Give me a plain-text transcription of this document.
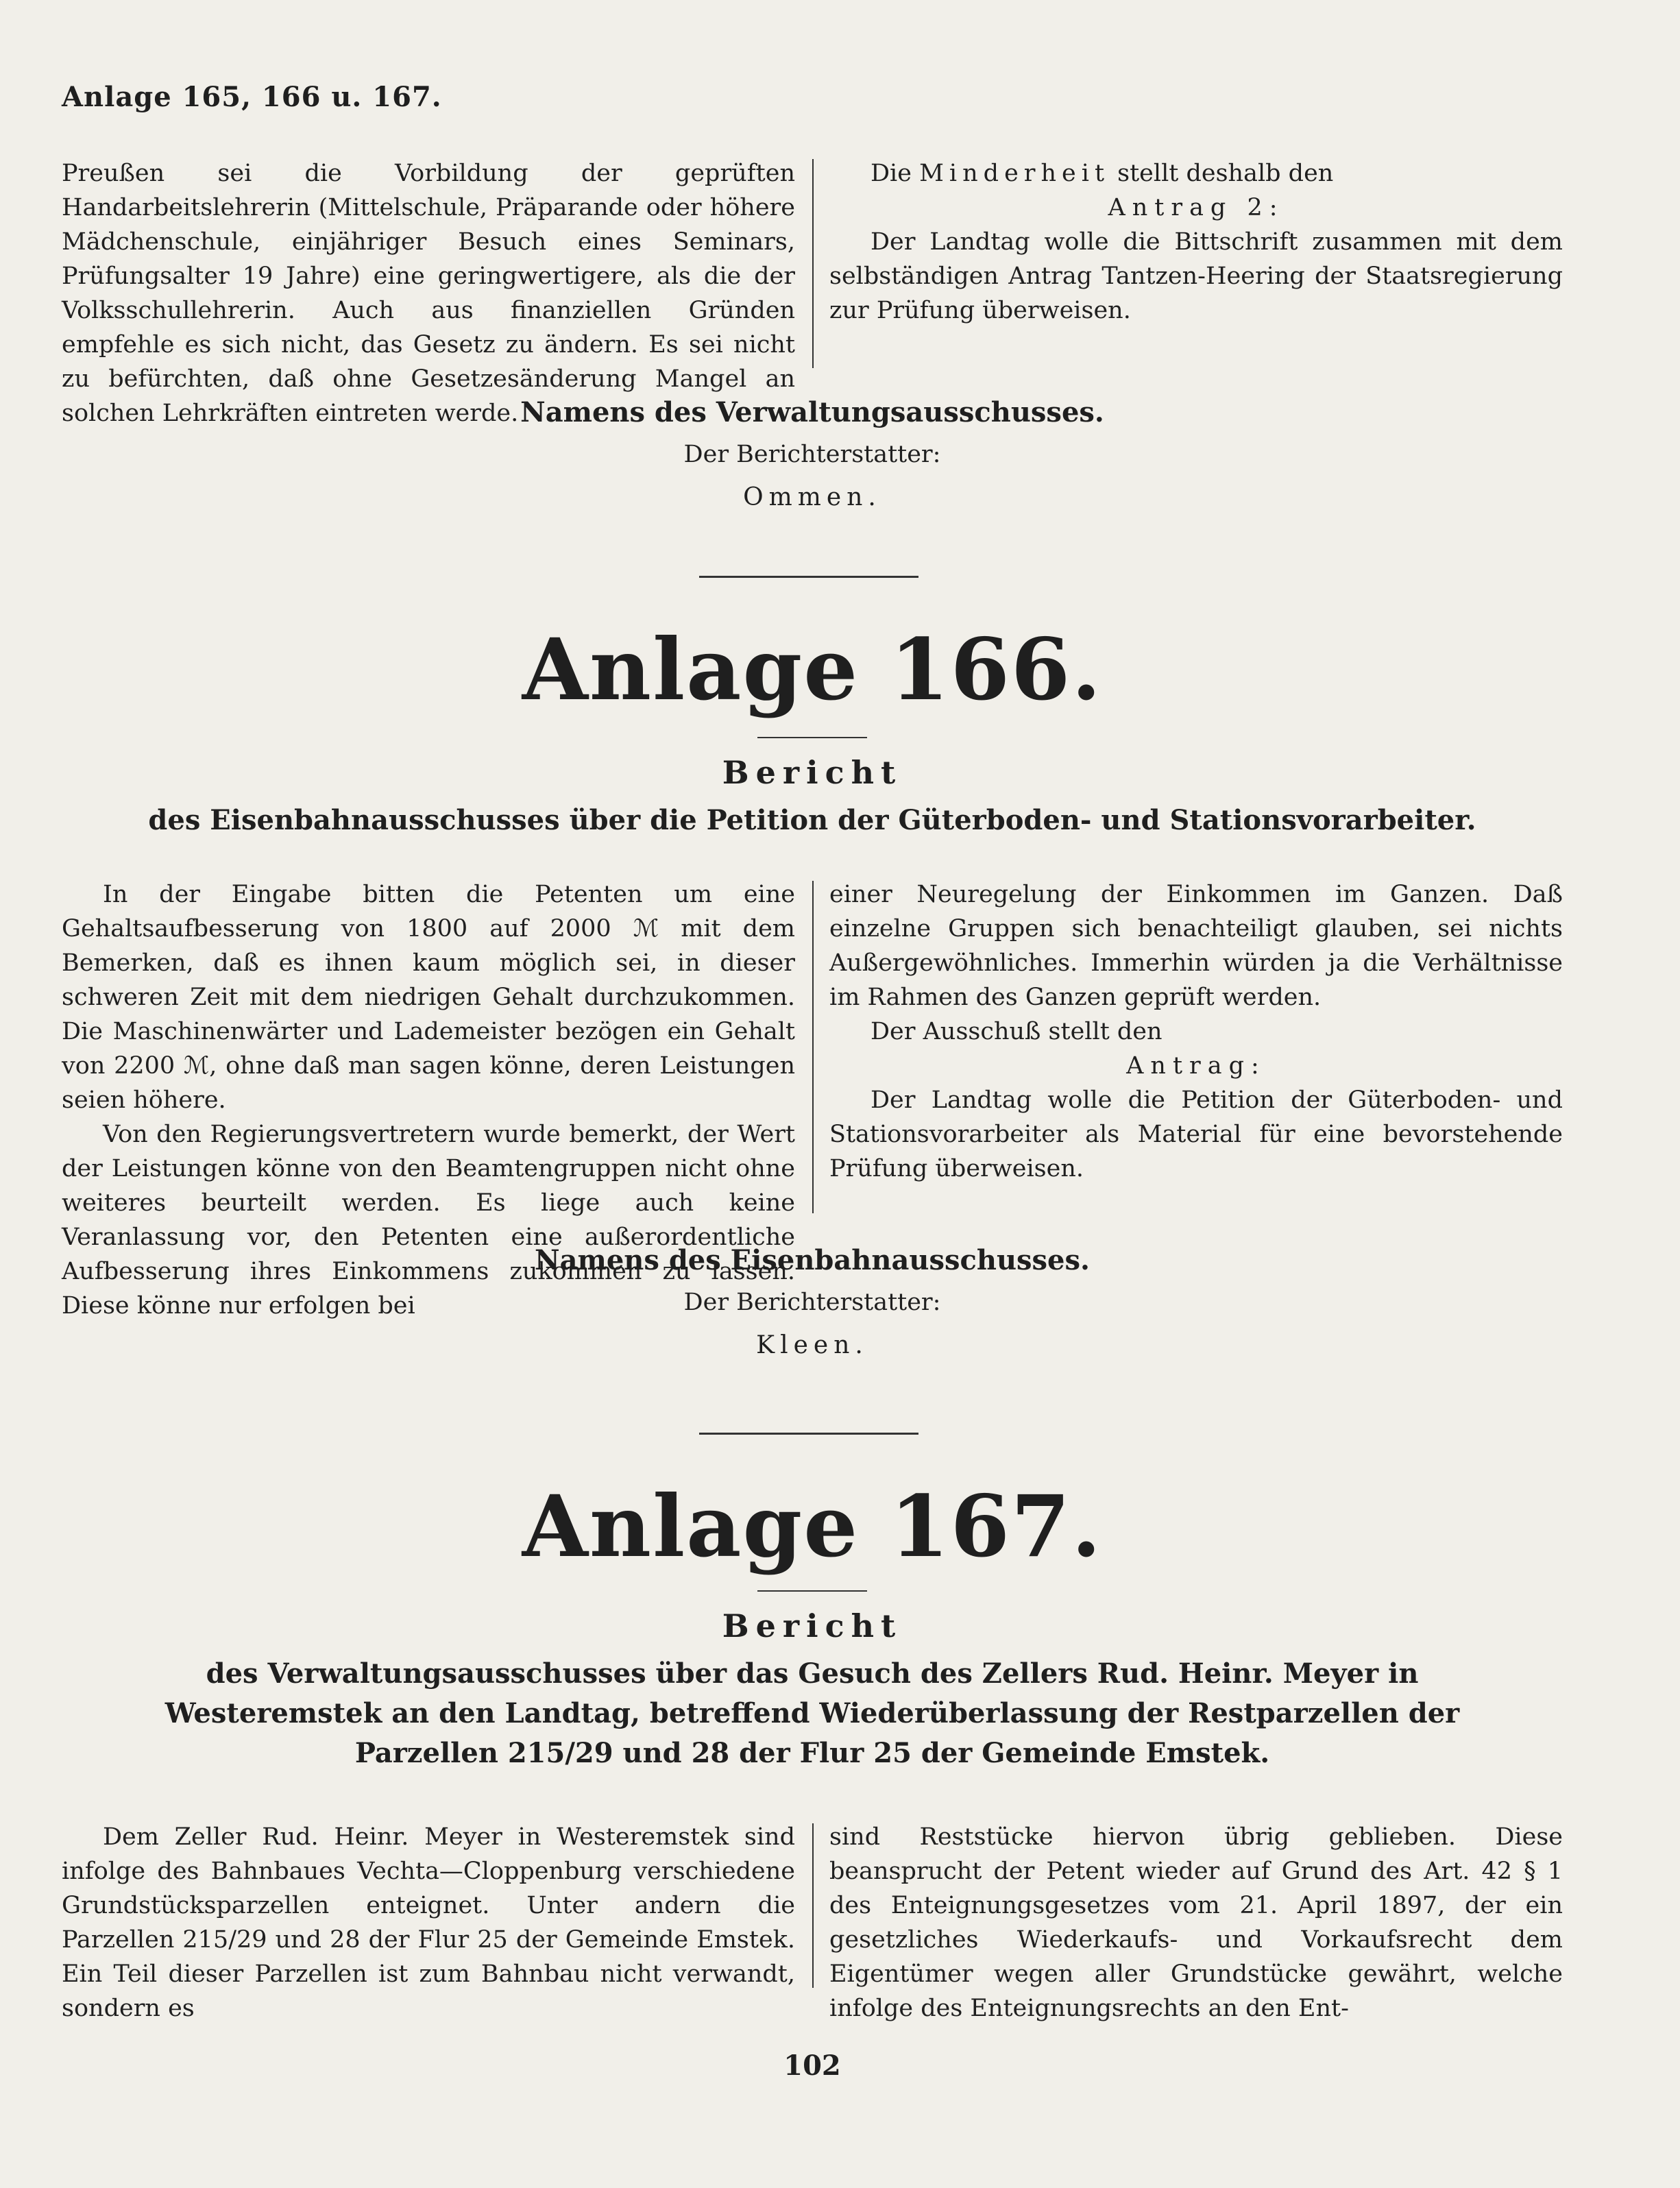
Anlage 165, 166 u. 167.

Preußen sei die Vorbildung der geprüften Handarbeitslehrerin (Mittelschule, Präparande oder höhere Mädchenschule, einjähriger Besuch eines Seminars, Prüfungsalter 19 Jahre) eine geringwertigere, als die der Volksschullehrerin. Auch aus finanziellen Gründen empfehle es sich nicht, das Gesetz zu ändern. Es sei nicht zu befürchten, daß ohne Gesetzesänderung Mangel an solchen Lehrkräften eintreten werde.

Die Minderheit stellt deshalb den

Antrag 2:

Der Landtag wolle die Bittschrift zusammen mit dem selbständigen Antrag Tantzen-Heering der Staatsregierung zur Prüfung überweisen.

Namens des Verwaltungsausschusses.
Der Berichterstatter:
Ommen.
Anlage 166.
Bericht
des Eisenbahnausschusses über die Petition der Güterboden- und Stationsvorarbeiter.

In der Eingabe bitten die Petenten um eine Gehaltsaufbesserung von 1800 auf 2000 ℳ mit dem Bemerken, daß es ihnen kaum möglich sei, in dieser schweren Zeit mit dem niedrigen Gehalt durchzukommen. Die Maschinenwärter und Lademeister bezögen ein Gehalt von 2200 ℳ, ohne daß man sagen könne, deren Leistungen seien höhere.

Von den Regierungsvertretern wurde bemerkt, der Wert der Leistungen könne von den Beamtengruppen nicht ohne weiteres beurteilt werden. Es liege auch keine Veranlassung vor, den Petenten eine außerordentliche Aufbesserung ihres Einkommens zukommen zu lassen. Diese könne nur erfolgen bei

einer Neuregelung der Einkommen im Ganzen. Daß einzelne Gruppen sich benachteiligt glauben, sei nichts Außergewöhnliches. Immerhin würden ja die Verhältnisse im Rahmen des Ganzen geprüft werden.

Der Ausschuß stellt den

Antrag:

Der Landtag wolle die Petition der Güterboden- und Stationsvorarbeiter als Material für eine bevorstehende Prüfung überweisen.

Namens des Eisenbahnausschusses.
Der Berichterstatter:
Kleen.
Anlage 167.
Bericht
des Verwaltungsausschusses über das Gesuch des Zellers Rud. Heinr. Meyer in Westeremstek an den Landtag, betreffend Wiederüberlassung der Restparzellen der Parzellen 215/29 und 28 der Flur 25 der Gemeinde Emstek.

Dem Zeller Rud. Heinr. Meyer in Westeremstek sind infolge des Bahnbaues Vechta—Cloppenburg verschiedene Grundstücksparzellen enteignet. Unter andern die Parzellen 215/29 und 28 der Flur 25 der Gemeinde Emstek. Ein Teil dieser Parzellen ist zum Bahnbau nicht verwandt, sondern es

sind Reststücke hiervon übrig geblieben. Diese beansprucht der Petent wieder auf Grund des Art. 42 § 1 des Enteignungsgesetzes vom 21. April 1897, der ein gesetzliches Wiederkaufs- und Vorkaufsrecht dem Eigentümer wegen aller Grundstücke gewährt, welche infolge des Enteignungsrechts an den Ent-

102
